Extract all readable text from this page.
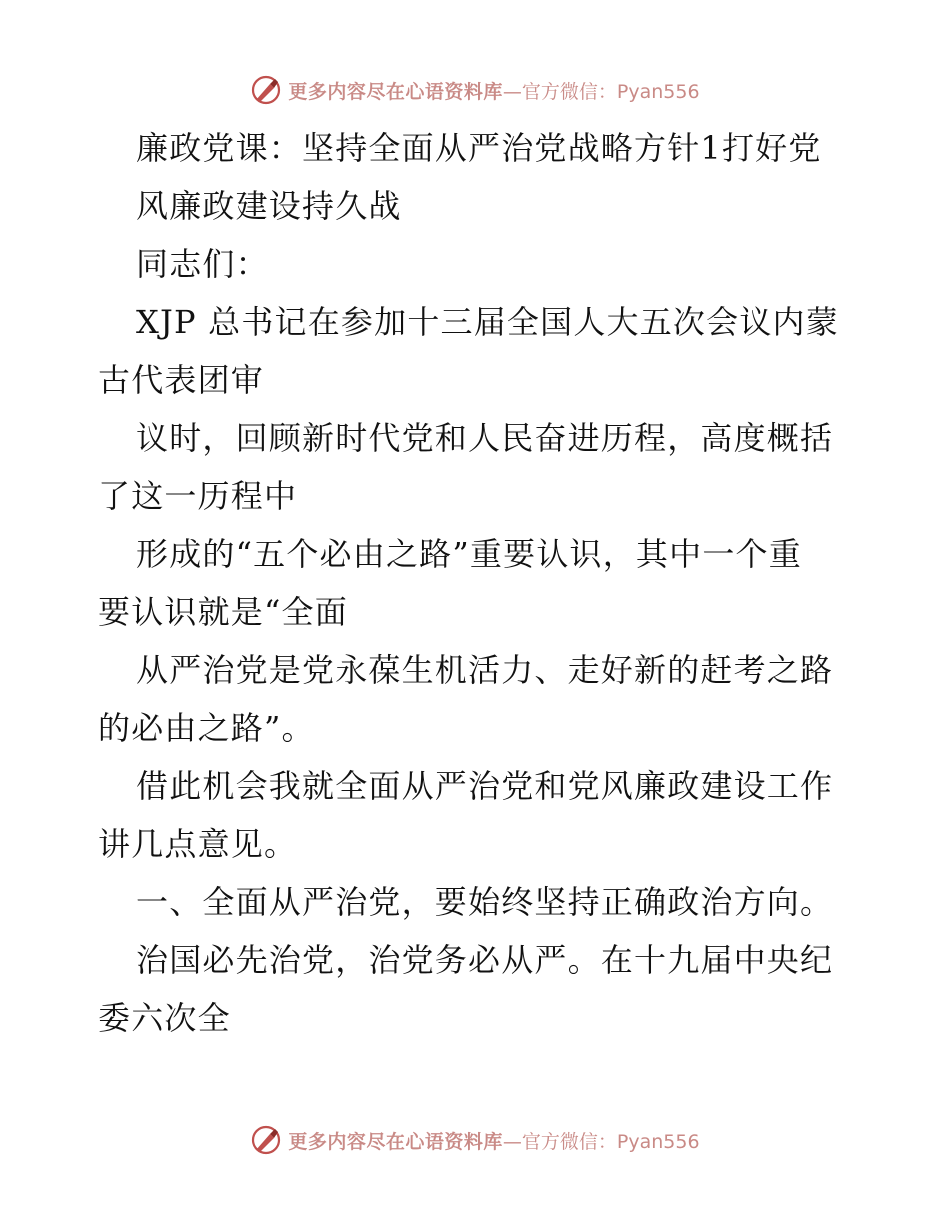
更多内容尽在心语资料库 —官方微信：Pyan556
廉政党课：坚持全面从严治党战略方针1打好党
风廉政建设持久战
同志们：
XJP 总书记在参加十三届全国人大五次会议内蒙
古代表团审
议时，回顾新时代党和人民奋进历程，高度概括
了这一历程中
形成的“五个必由之路”重要认识，其中一个重
要认识就是“全面
从严治党是党永葆生机活力、走好新的赶考之路
的必由之路”。
借此机会我就全面从严治党和党风廉政建设工作
讲几点意见。
一、全面从严治党，要始终坚持正确政治方向。
治国必先治党，治党务必从严。在十九届中央纪
委六次全
更多内容尽在心语资料库 —官方微信：Pyan556
